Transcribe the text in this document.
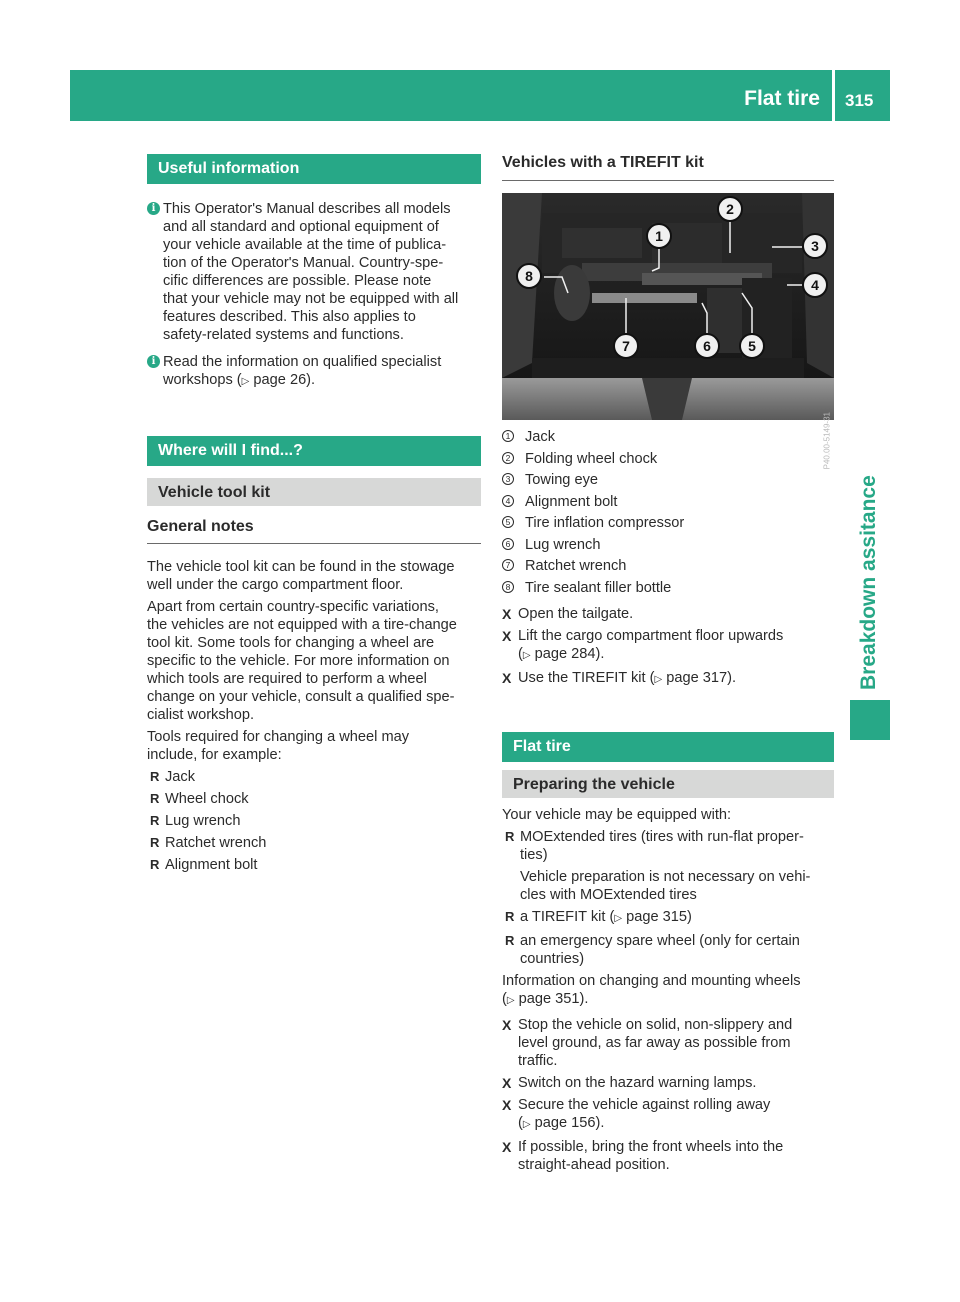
Flat tire 315
Breakdown assitance
Useful information
i This Operator's Manual describes all models

and all standard and optional equipment of

your vehicle available at the time of publica-

tion of the Operator's Manual. Country-spe-

cific differences are possible. Please note

that your vehicle may not be equipped with all

features described. This also applies to

safety-related systems and functions.

i Read the information on qualified specialist

workshops (▷ page 26).

Where will I find...?
Vehicle tool kit
General notes

The vehicle tool kit can be found in the stowage

well under the cargo compartment floor.

Apart from certain country-specific variations,

the vehicles are not equipped with a tire-change

tool kit. Some tools for changing a wheel are

specific to the vehicle. For more information on

which tools are required to perform a wheel

change on your vehicle, consult a qualified spe-

cialist workshop.

Tools required for changing a wheel may

include, for example:

R Jack
R Wheel chock
R Lug wrench
R Ratchet wrench
R Alignment bolt
Vehicles with a TIREFIT kit
1
2
3
4
5
6
7
8
P40.00-5149-31
1 Jack
2 Folding wheel chock
3 Towing eye
4 Alignment bolt
5 Tire inflation compressor
6 Lug wrench
7 Ratchet wrench
8 Tire sealant filler bottle
X Open the tailgate.
X Lift the cargo compartment floor upwards

(▷ page 284).

X Use the TIREFIT kit (▷ page 317).
Flat tire
Preparing the vehicle

Your vehicle may be equipped with:

R MOExtended tires (tires with run-flat proper-

ties)

Vehicle preparation is not necessary on vehi-

cles with MOExtended tires

R a TIREFIT kit (▷ page 315)
R an emergency spare wheel (only for certain

countries)

Information on changing and mounting wheels

(▷ page 351).

X Stop the vehicle on solid, non-slippery and

level ground, as far away as possible from

traffic.

X Switch on the hazard warning lamps.
X Secure the vehicle against rolling away

(▷ page 156).

X If possible, bring the front wheels into the

straight-ahead position.
